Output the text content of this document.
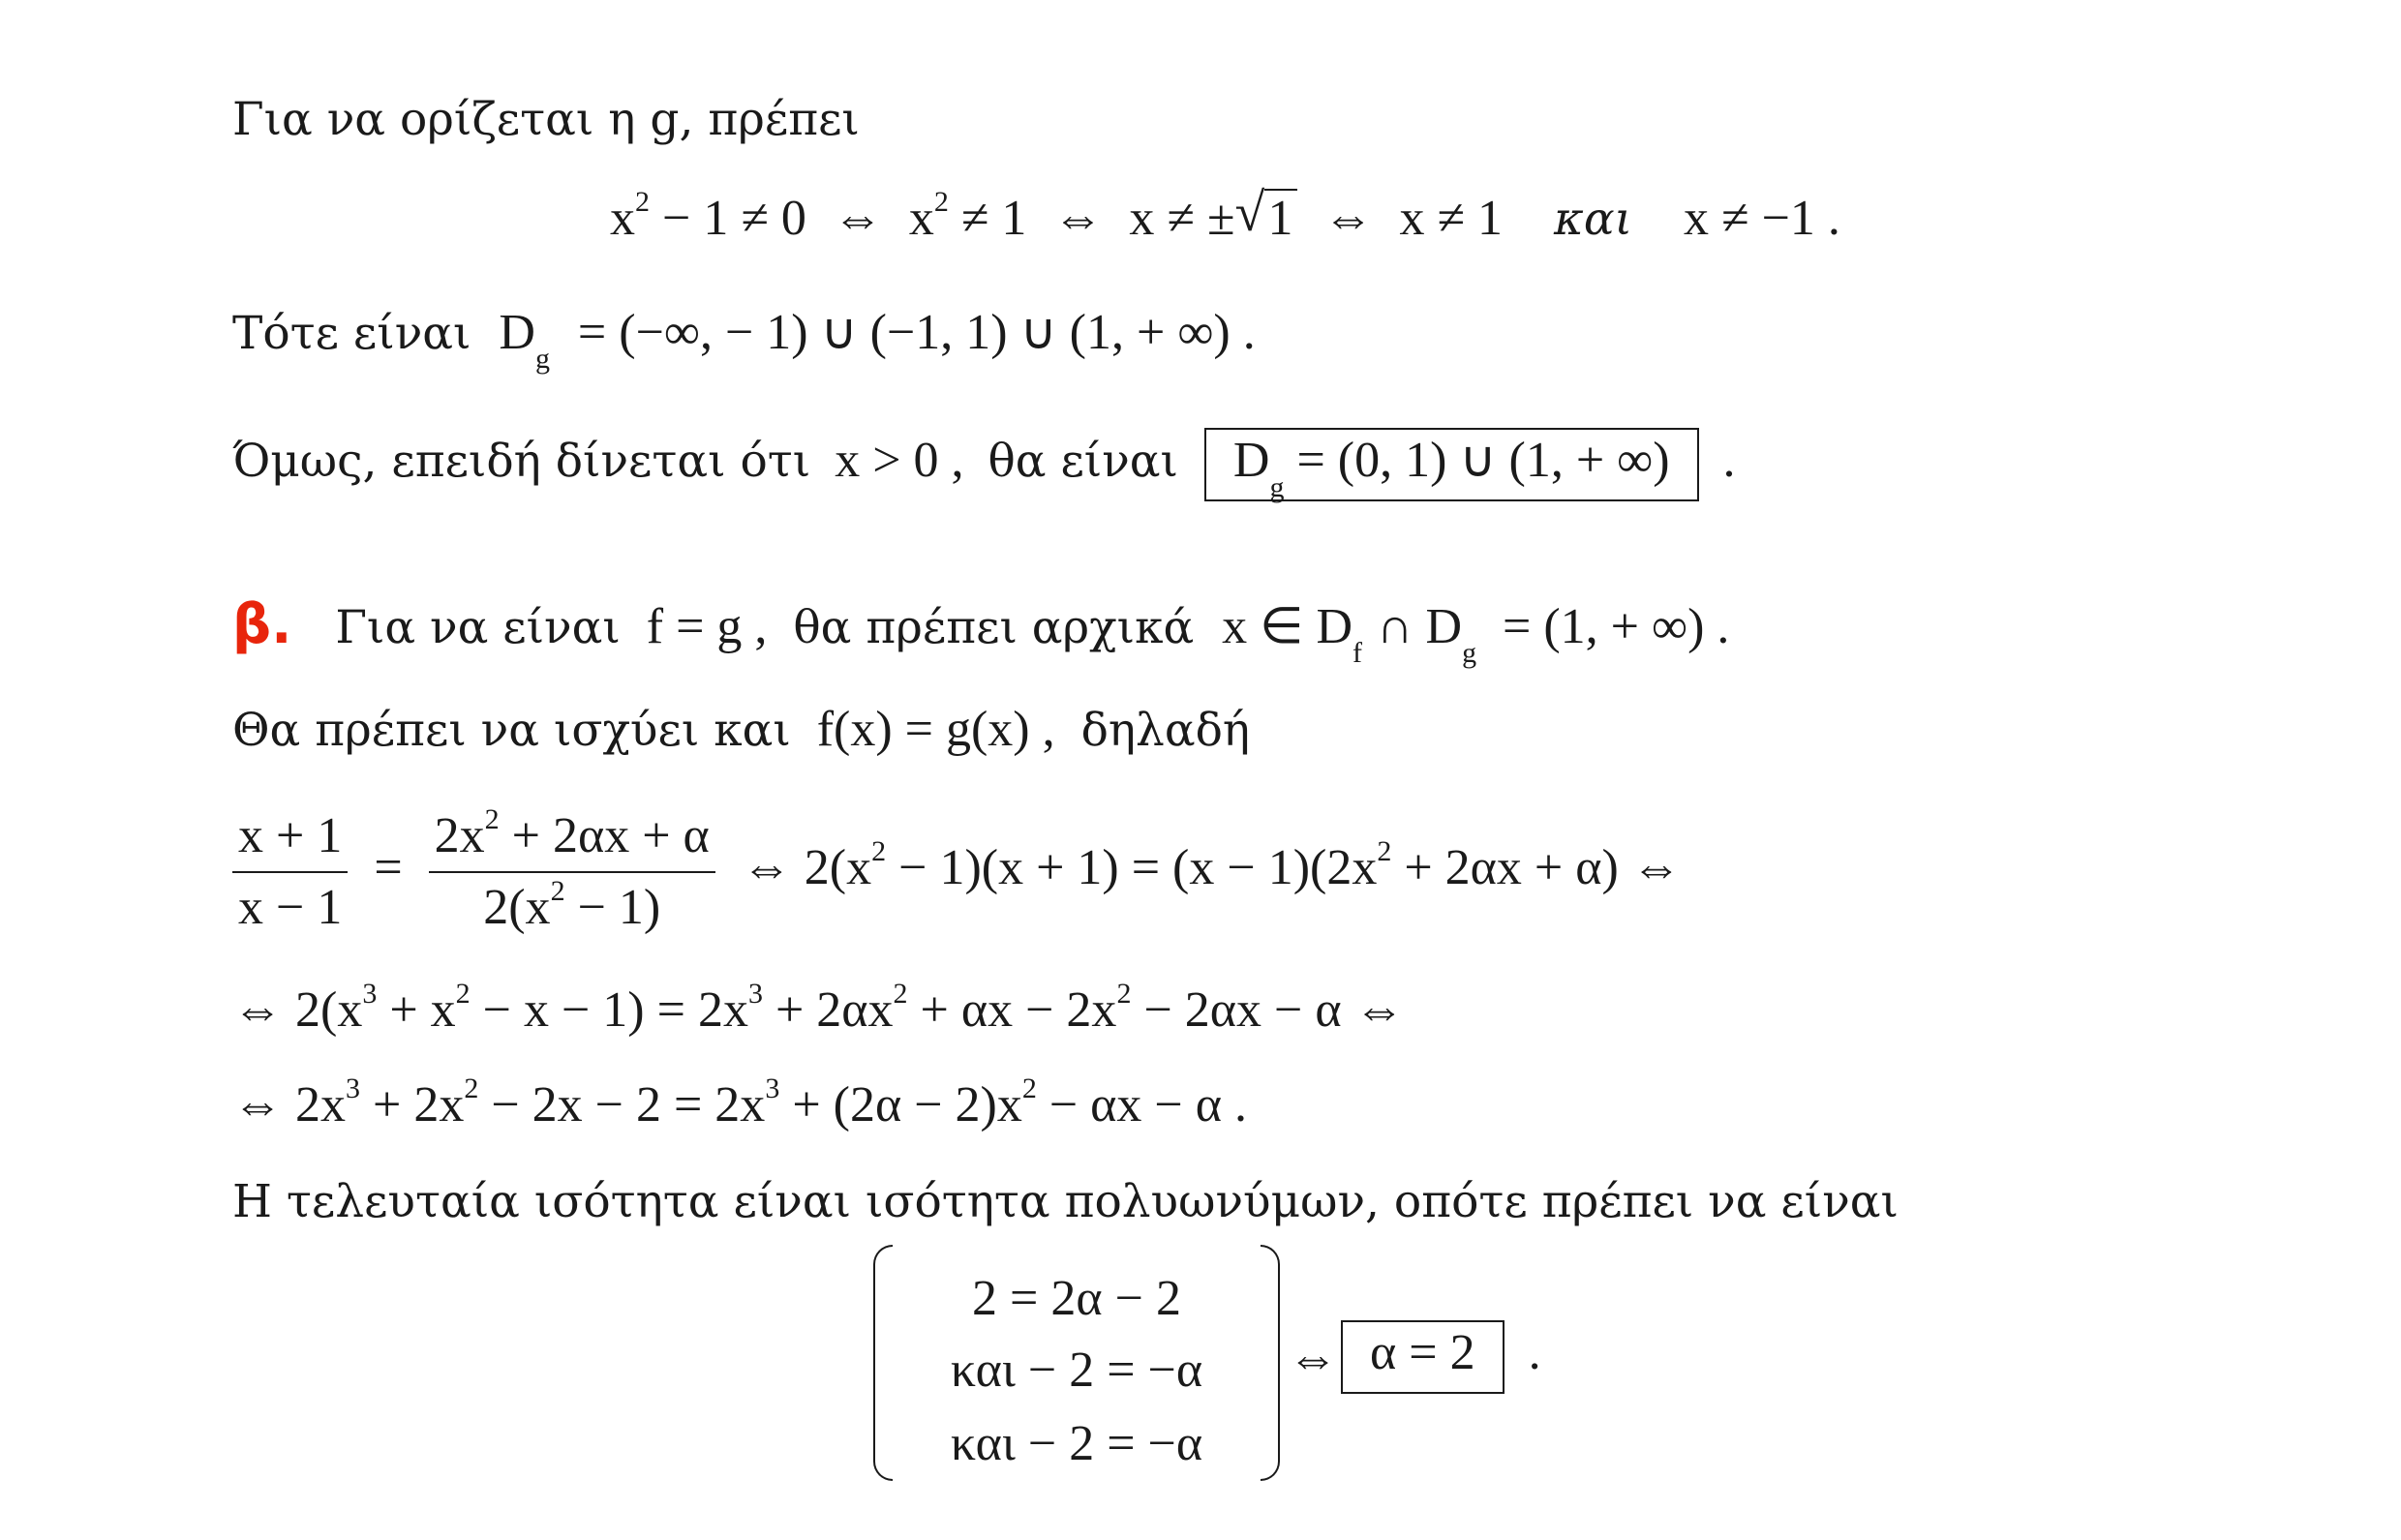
Για να ορίζεται η g, πρέπει
$x^2 - 1 \ne 0$ ⇔ $x^2 \ne 1$ ⇔ x ≠ ± √ 1 ⇔ x ≠ 1 και x ≠ −1 .
Τότε είναι $D_g$ = (−∞, − 1) ∪ (−1, 1) ∪ (1, + ∞) .
Όμως, επειδή δίνεται ότι x > 0 , θα είναι $D_g = (0$, 1) ∪ (1, + ∞) .
β. Για να είναι f = g , θα πρέπει αρχικά x ∈ $D_f$ ∩ $D_g = (1$, + ∞) .
Θα πρέπει να ισχύει και f(x) = g(x) , δηλαδή
$\frac{x + 1}{x - 1} = \frac{2x^2 + 2\alpha x + \alpha}{2(x^2 - 1)}$ ⇔ $2(x^2 - 1)(x + 1) = (x - 1)(2x^2 + 2\alpha x + \alpha)$ ⇔
⇔ $2(x^3 + x^2 - x - 1) = 2x^3 + 2\alpha x^2 + \alpha x - 2x^2 - 2\alpha x - \alpha$ ⇔
⇔ $2x^3 + 2x^2 - 2x - 2 = 2x^3 + (2\alpha - 2)x^2 - \alpha x - \alpha$ .
Η τελευταία ισότητα είναι ισότητα πολυωνύμων, οπότε πρέπει να είναι
2 = 2α − 2
και − 2 = −α
και − 2 = −α
⇔ α = 2 .
